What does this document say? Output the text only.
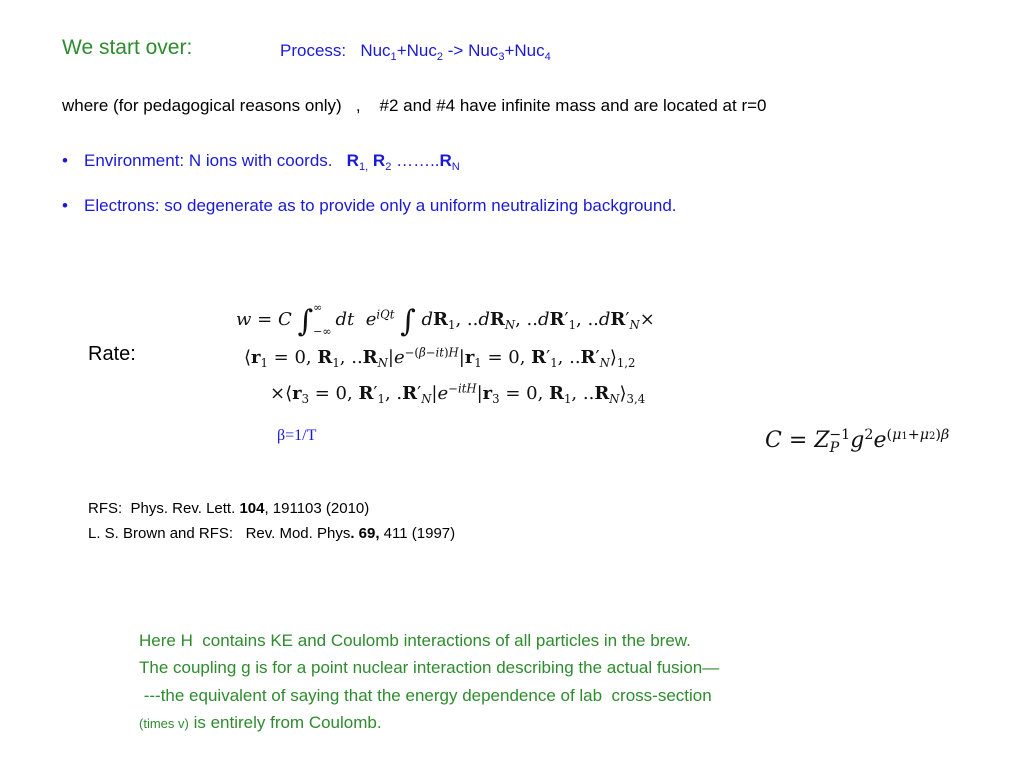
We start over:	Process: Nuc$_1$+Nuc$_2$ -> Nuc$_3$+Nuc$_4$
where (for pedagogical reasons only)   ,    #2 and #4 have infinite mass and are located at r=0
• Environment: N ions with coords. $R_{1,}$ $R_2$ $\dots\dots..R_N$
• Electrons: so degenerate as to provide only a uniform neutralizing background.
Rate:
w = C ∫ ∞
−∞
dt $e^{iQt}$ ∫ $dR_1$, $..dR_N$, $..dR'_1$, $..dR'_N\times$
$⟨r_1 = 0$, $R_1$, $..R_N|e^{-(\beta-it)H}|r_1 = 0$, $R'_1$, $..R'_N⟩_{1,2}$
$\times⟨r_3 = 0$, $R'_1$, $.R'_N|e^{-itH}|r_3 = 0$, $R_1$, $..R_N⟩_{3,4}$
β=1/T	$C = Z_P^{-1}g^2e^{(\mu 1+\mu 2)\beta}$
RFS:  Phys. Rev. Lett. 104, 191103 (2010)
L. S. Brown and RFS:   Rev. Mod. Phys. 69, 411 (1997)
Here H  contains KE and Coulomb interactions of all particles in the brew.
The coupling g is for a point nuclear interaction describing the actual fusion—
---the equivalent of saying that the energy dependence of lab  cross-section
(times v) is entirely from Coulomb.
